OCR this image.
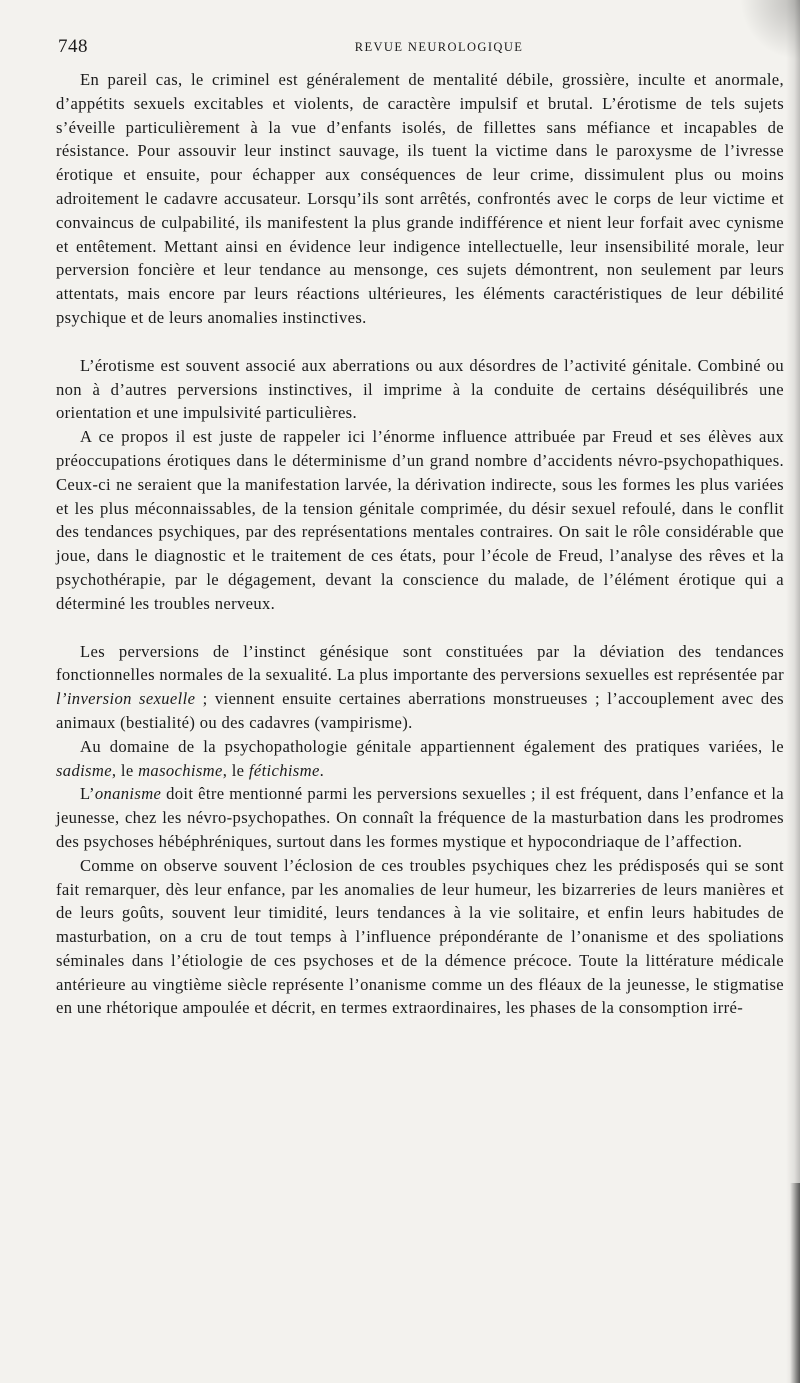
748	REVUE NEUROLOGIQUE

En pareil cas, le criminel est généralement de mentalité débile, grossière, inculte et anormale, d’appétits sexuels excitables et violents, de caractère impulsif et brutal. L’érotisme de tels sujets s’éveille particulièrement à la vue d’enfants isolés, de fillettes sans méfiance et incapables de résistance. Pour assouvir leur instinct sauvage, ils tuent la victime dans le paroxysme de l’ivresse érotique et ensuite, pour échapper aux conséquences de leur crime, dissimulent plus ou moins adroitement le cadavre accusateur. Lorsqu’ils sont arrêtés, confrontés avec le corps de leur victime et convaincus de culpabilité, ils manifestent la plus grande indifférence et nient leur forfait avec cynisme et entêtement. Mettant ainsi en évidence leur indigence intellectuelle, leur insensibilité morale, leur perversion foncière et leur tendance au mensonge, ces sujets démontrent, non seulement par leurs attentats, mais encore par leurs réactions ultérieures, les éléments caractéristiques de leur débilité psychique et de leurs anomalies instinctives.

L’érotisme est souvent associé aux aberrations ou aux désordres de l’activité génitale. Combiné ou non à d’autres perversions instinctives, il imprime à la conduite de certains déséquilibrés une orientation et une impulsivité particulières.

A ce propos il est juste de rappeler ici l’énorme influence attribuée par Freud et ses élèves aux préoccupations érotiques dans le déterminisme d’un grand nombre d’accidents névro-psychopathiques. Ceux-ci ne seraient que la manifestation larvée, la dérivation indirecte, sous les formes les plus variées et les plus méconnaissables, de la tension génitale comprimée, du désir sexuel refoulé, dans le conflit des tendances psychiques, par des représentations mentales contraires. On sait le rôle considérable que joue, dans le diagnostic et le traitement de ces états, pour l’école de Freud, l’analyse des rêves et la psychothérapie, par le dégagement, devant la conscience du malade, de l’élément érotique qui a déterminé les troubles nerveux.

Les perversions de l’instinct génésique sont constituées par la déviation des tendances fonctionnelles normales de la sexualité. La plus importante des perversions sexuelles est représentée par l’inversion sexuelle ; viennent ensuite certaines aberrations monstrueuses ; l’accouplement avec des animaux (bestialité) ou des cadavres (vampirisme).

Au domaine de la psychopathologie génitale appartiennent également des pratiques variées, le sadisme, le masochisme, le fétichisme.

L’onanisme doit être mentionné parmi les perversions sexuelles ; il est fréquent, dans l’enfance et la jeunesse, chez les névro-psychopathes. On connaît la fréquence de la masturbation dans les prodromes des psychoses hébéphréniques, surtout dans les formes mystique et hypocondriaque de l’affection.

Comme on observe souvent l’éclosion de ces troubles psychiques chez les prédisposés qui se sont fait remarquer, dès leur enfance, par les anomalies de leur humeur, les bizarreries de leurs manières et de leurs goûts, souvent leur timidité, leurs tendances à la vie solitaire, et enfin leurs habitudes de masturbation, on a cru de tout temps à l’influence prépondérante de l’onanisme et des spoliations séminales dans l’étiologie de ces psychoses et de la démence précoce. Toute la littérature médicale antérieure au vingtième siècle représente l’onanisme comme un des fléaux de la jeunesse, le stigmatise en une rhétorique ampoulée et décrit, en termes extraordinaires, les phases de la consomption irré-
